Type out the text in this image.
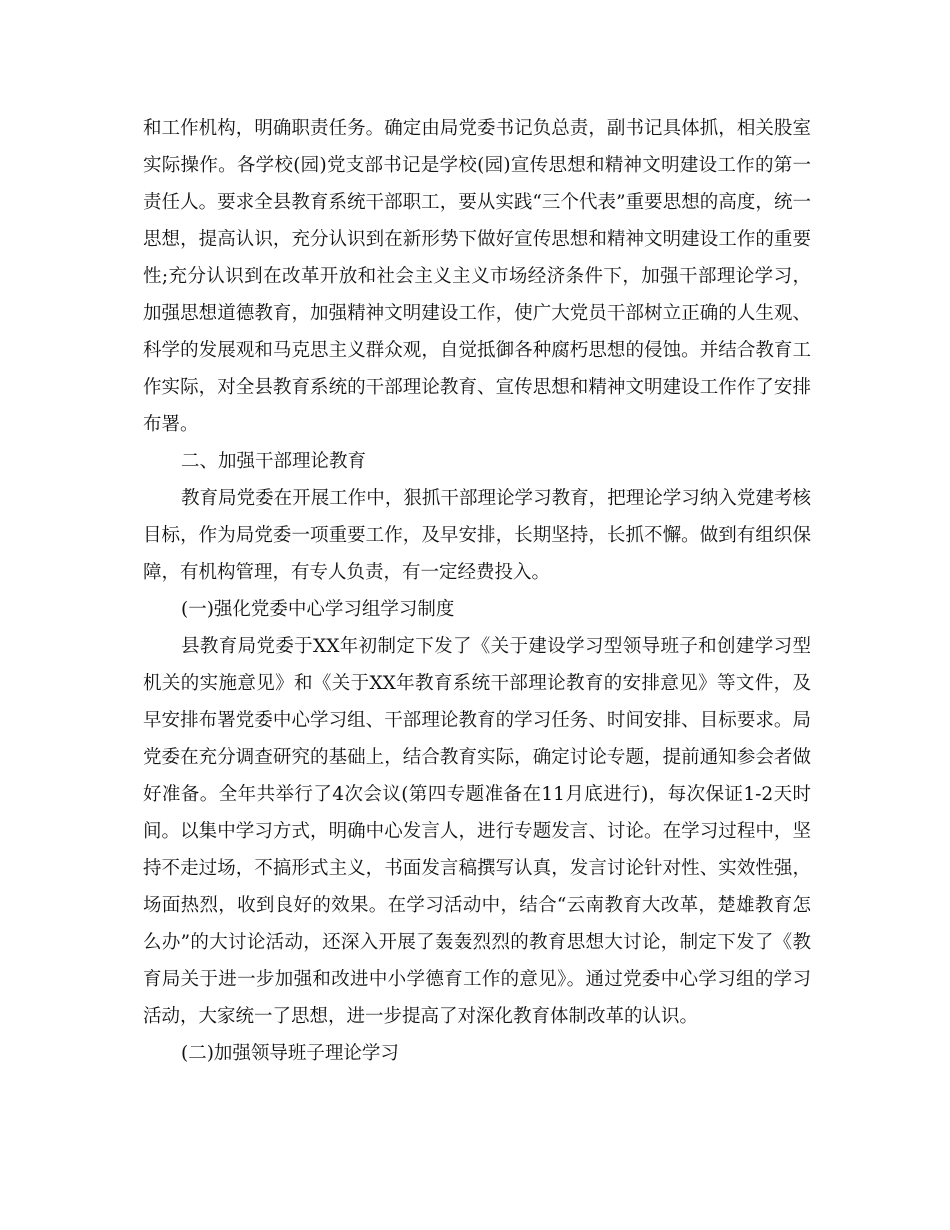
和工作机构，明确职责任务。确定由局党委书记负总责，副书记具体抓，相关股室实际操作。各学校(园)党支部书记是学校(园)宣传思想和精神文明建设工作的第一责任人。要求全县教育系统干部职工，要从实践“三个代表”重要思想的高度，统一思想，提高认识，充分认识到在新形势下做好宣传思想和精神文明建设工作的重要性;充分认识到在改革开放和社会主义主义市场经济条件下，加强干部理论学习，加强思想道德教育，加强精神文明建设工作，使广大党员干部树立正确的人生观、科学的发展观和马克思主义群众观，自觉抵御各种腐朽思想的侵蚀。并结合教育工作实际，对全县教育系统的干部理论教育、宣传思想和精神文明建设工作作了安排布署。

二、加强干部理论教育

教育局党委在开展工作中，狠抓干部理论学习教育，把理论学习纳入党建考核目标，作为局党委一项重要工作，及早安排，长期坚持，长抓不懈。做到有组织保障，有机构管理，有专人负责，有一定经费投入。

(一)强化党委中心学习组学习制度

县教育局党委于XX年初制定下发了《关于建设学习型领导班子和创建学习型机关的实施意见》和《关于XX年教育系统干部理论教育的安排意见》等文件，及早安排布署党委中心学习组、干部理论教育的学习任务、时间安排、目标要求。局党委在充分调查研究的基础上，结合教育实际，确定讨论专题，提前通知参会者做好准备。全年共举行了4次会议(第四专题准备在11月底进行)，每次保证1-2天时间。以集中学习方式，明确中心发言人，进行专题发言、讨论。在学习过程中，坚持不走过场，不搞形式主义，书面发言稿撰写认真，发言讨论针对性、实效性强，场面热烈，收到良好的效果。在学习活动中，结合“云南教育大改革，楚雄教育怎么办”的大讨论活动，还深入开展了轰轰烈烈的教育思想大讨论，制定下发了《教育局关于进一步加强和改进中小学德育工作的意见》。通过党委中心学习组的学习活动，大家统一了思想，进一步提高了对深化教育体制改革的认识。

(二)加强领导班子理论学习
